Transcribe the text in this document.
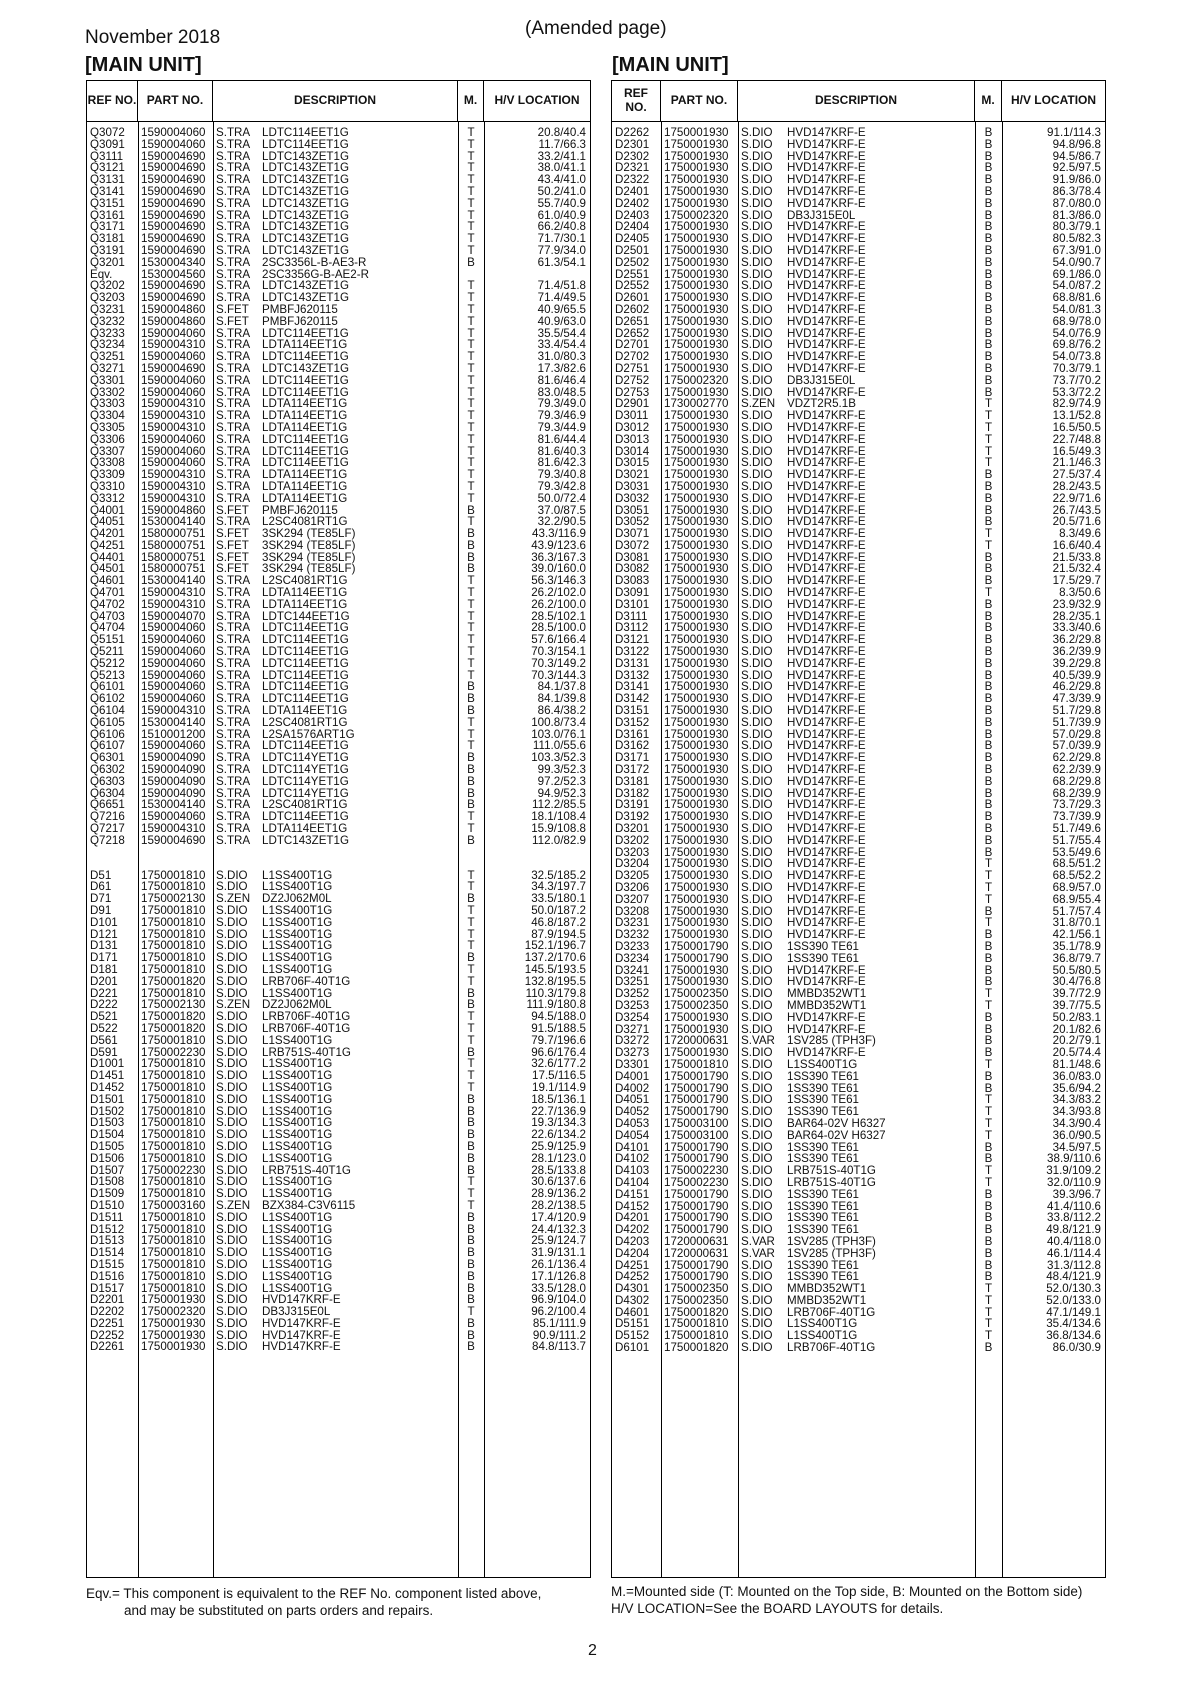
November 2018	(Amended page)
[MAIN UNIT]	[MAIN UNIT]
REF NO. PART NO.	DESCRIPTION	M.	H/V LOCATION
Q3072	1590004060 S.TRA	LDTC114EET1G	T	20.8/40.4
Q3091	1590004060 S.TRA	LDTC114EET1G	T	11.7/66.3
Q3111	1590004690 S.TRA	LDTC143ZET1G	T	33.2/41.1
Q3121	1590004690 S.TRA	LDTC143ZET1G	T	38.0/41.1
Q3131	1590004690 S.TRA	LDTC143ZET1G	T	43.4/41.0
Q3141	1590004690 S.TRA	LDTC143ZET1G	T	50.2/41.0
Q3151	1590004690 S.TRA	LDTC143ZET1G	T	55.7/40.9
Q3161	1590004690 S.TRA	LDTC143ZET1G	T	61.0/40.9
Q3171	1590004690 S.TRA	LDTC143ZET1G	T	66.2/40.8
Q3181	1590004690 S.TRA	LDTC143ZET1G	T	71.7/30.1
Q3191	1590004690 S.TRA	LDTC143ZET1G	T	77.9/34.0
Q3201	1530004340 S.TRA	2SC3356L-B-AE3-R	B	61.3/54.1
Eqv.	1530004560 S.TRA	2SC3356G-B-AE2-R
Q3202	1590004690 S.TRA	LDTC143ZET1G	T	71.4/51.8
Q3203	1590004690 S.TRA	LDTC143ZET1G	T	71.4/49.5
Q3231	1590004860 S.FET	PMBFJ620115	T	40.9/65.5
Q3232	1590004860 S.FET	PMBFJ620115	T	40.9/63.0
Q3233	1590004060 S.TRA	LDTC114EET1G	T	35.5/54.4
Q3234	1590004310 S.TRA	LDTA114EET1G	T	33.4/54.4
Q3251	1590004060 S.TRA	LDTC114EET1G	T	31.0/80.3
Q3271	1590004690 S.TRA	LDTC143ZET1G	T	17.3/82.6
Q3301	1590004060 S.TRA	LDTC114EET1G	T	81.6/46.4
Q3302	1590004060 S.TRA	LDTC114EET1G	T	83.0/48.5
Q3303	1590004310 S.TRA	LDTA114EET1G	T	79.3/49.0
Q3304	1590004310 S.TRA	LDTA114EET1G	T	79.3/46.9
Q3305	1590004310 S.TRA	LDTA114EET1G	T	79.3/44.9
Q3306	1590004060 S.TRA	LDTC114EET1G	T	81.6/44.4
Q3307	1590004060 S.TRA	LDTC114EET1G	T	81.6/40.3
Q3308	1590004060 S.TRA	LDTC114EET1G	T	81.6/42.3
Q3309	1590004310 S.TRA	LDTA114EET1G	T	79.3/40.8
Q3310	1590004310 S.TRA	LDTA114EET1G	T	79.3/42.8
Q3312	1590004310 S.TRA	LDTA114EET1G	T	50.0/72.4
Q4001	1590004860 S.FET	PMBFJ620115	B	37.0/87.5
Q4051	1530004140 S.TRA	L2SC4081RT1G	T	32.2/90.5
Q4201	1580000751 S.FET	3SK294 (TE85LF)	B	43.3/116.9
Q4251	1580000751 S.FET	3SK294 (TE85LF)	B	43.9/123.6
Q4401	1580000751 S.FET	3SK294 (TE85LF)	B	36.3/167.3
Q4501	1580000751 S.FET	3SK294 (TE85LF)	B	39.0/160.0
Q4601	1530004140 S.TRA	L2SC4081RT1G	T	56.3/146.3
Q4701	1590004310 S.TRA	LDTA114EET1G	T	26.2/102.0
Q4702	1590004310 S.TRA	LDTA114EET1G	T	26.2/100.0
Q4703	1590004070 S.TRA	LDTC144EET1G	T	28.5/102.1
Q4704	1590004060 S.TRA	LDTC114EET1G	T	28.5/100.0
Q5151	1590004060 S.TRA	LDTC114EET1G	T	57.6/166.4
Q5211	1590004060 S.TRA	LDTC114EET1G	T	70.3/154.1
Q5212	1590004060 S.TRA	LDTC114EET1G	T	70.3/149.2
Q5213	1590004060 S.TRA	LDTC114EET1G	T	70.3/144.3
Q6101	1590004060 S.TRA	LDTC114EET1G	B	84.1/37.8
Q6102	1590004060 S.TRA	LDTC114EET1G	B	84.1/39.8
Q6104	1590004310 S.TRA	LDTA114EET1G	B	86.4/38.2
Q6105	1530004140 S.TRA	L2SC4081RT1G	T	100.8/73.4
Q6106	1510001200 S.TRA	L2SA1576ART1G	T	103.0/76.1
Q6107	1590004060 S.TRA	LDTC114EET1G	T	111.0/55.6
Q6301	1590004090 S.TRA	LDTC114YET1G	B	103.3/52.3
Q6302	1590004090 S.TRA	LDTC114YET1G	B	99.3/52.3
Q6303	1590004090 S.TRA	LDTC114YET1G	B	97.2/52.3
Q6304	1590004090 S.TRA	LDTC114YET1G	B	94.9/52.3
Q6651	1530004140 S.TRA	L2SC4081RT1G	B	112.2/85.5
Q7216	1590004060 S.TRA	LDTC114EET1G	T	18.1/108.4
Q7217	1590004310 S.TRA	LDTA114EET1G	T	15.9/108.8
Q7218	1590004690 S.TRA	LDTC143ZET1G	B	112.0/82.9
D51	1750001810 S.DIO	L1SS400T1G	T	32.5/185.2
D61	1750001810 S.DIO	L1SS400T1G	T	34.3/197.7
D71	1750002130 S.ZEN	DZ2J062M0L	B	33.5/180.1
D91	1750001810 S.DIO	L1SS400T1G	T	50.0/187.2
D101	1750001810 S.DIO	L1SS400T1G	T	46.8/187.2
D121	1750001810 S.DIO	L1SS400T1G	T	87.9/194.5
D131	1750001810 S.DIO	L1SS400T1G	T	152.1/196.7
D171	1750001810 S.DIO	L1SS400T1G	B	137.2/170.6
D181	1750001810 S.DIO	L1SS400T1G	T	145.5/193.5
D201	1750001820 S.DIO	LRB706F-40T1G	T	132.8/195.5
D221	1750001810 S.DIO	L1SS400T1G	B	110.3/179.8
D222	1750002130 S.ZEN	DZ2J062M0L	B	111.9/180.8
D521	1750001820 S.DIO	LRB706F-40T1G	T	94.5/188.0
D522	1750001820 S.DIO	LRB706F-40T1G	T	91.5/188.5
D561	1750001810 S.DIO	L1SS400T1G	T	79.7/196.6
D591	1750002230 S.DIO	LRB751S-40T1G	B	96.6/176.4
D1001	1750001810 S.DIO	L1SS400T1G	T	32.6/177.2
D1451	1750001810 S.DIO	L1SS400T1G	T	17.5/116.5
D1452	1750001810 S.DIO	L1SS400T1G	T	19.1/114.9
D1501	1750001810 S.DIO	L1SS400T1G	B	18.5/136.1
D1502	1750001810 S.DIO	L1SS400T1G	B	22.7/136.9
D1503	1750001810 S.DIO	L1SS400T1G	B	19.3/134.3
D1504	1750001810 S.DIO	L1SS400T1G	B	22.6/134.2
D1505	1750001810 S.DIO	L1SS400T1G	B	25.9/125.9
D1506	1750001810 S.DIO	L1SS400T1G	B	28.1/123.0
D1507	1750002230 S.DIO	LRB751S-40T1G	B	28.5/133.8
D1508	1750001810 S.DIO	L1SS400T1G	T	30.6/137.6
D1509	1750001810 S.DIO	L1SS400T1G	T	28.9/136.2
D1510	1750003160 S.ZEN	BZX384-C3V6115	T	28.2/138.5
D1511	1750001810 S.DIO	L1SS400T1G	B	17.4/120.9
D1512	1750001810 S.DIO	L1SS400T1G	B	24.4/132.3
D1513	1750001810 S.DIO	L1SS400T1G	B	25.9/124.7
D1514	1750001810 S.DIO	L1SS400T1G	B	31.9/131.1
D1515	1750001810 S.DIO	L1SS400T1G	B	26.1/136.4
D1516	1750001810 S.DIO	L1SS400T1G	B	17.1/126.8
D1517	1750001810 S.DIO	L1SS400T1G	B	33.5/128.0
D2201	1750001930 S.DIO	HVD147KRF-E	B	96.9/104.0
D2202	1750002320 S.DIO	DB3J315E0L	T	96.2/100.4
D2251	1750001930 S.DIO	HVD147KRF-E	B	85.1/111.9
D2252	1750001930 S.DIO	HVD147KRF-E	B	90.9/111.2
D2261	1750001930 S.DIO	HVD147KRF-E	B	84.8/113.7
REF NO.	PART NO.	DESCRIPTION	M.	H/V LOCATION
D2262	1750001930	S.DIO	HVD147KRF-E	B	91.1/114.3
D2301	1750001930	S.DIO	HVD147KRF-E	B	94.8/96.8
D2302	1750001930	S.DIO	HVD147KRF-E	B	94.5/86.7
D2321	1750001930	S.DIO	HVD147KRF-E	B	92.5/97.5
D2322	1750001930	S.DIO	HVD147KRF-E	B	91.9/86.0
D2401	1750001930	S.DIO	HVD147KRF-E	B	86.3/78.4
D2402	1750001930	S.DIO	HVD147KRF-E	B	87.0/80.0
D2403	1750002320	S.DIO	DB3J315E0L	B	81.3/86.0
D2404	1750001930	S.DIO	HVD147KRF-E	B	80.3/79.1
D2405	1750001930	S.DIO	HVD147KRF-E	B	80.5/82.3
D2501	1750001930	S.DIO	HVD147KRF-E	B	67.3/91.0
D2502	1750001930	S.DIO	HVD147KRF-E	B	54.0/90.7
D2551	1750001930	S.DIO	HVD147KRF-E	B	69.1/86.0
D2552	1750001930	S.DIO	HVD147KRF-E	B	54.0/87.2
D2601	1750001930	S.DIO	HVD147KRF-E	B	68.8/81.6
D2602	1750001930	S.DIO	HVD147KRF-E	B	54.0/81.3
D2651	1750001930	S.DIO	HVD147KRF-E	B	68.9/78.0
D2652	1750001930	S.DIO	HVD147KRF-E	B	54.0/76.9
D2701	1750001930	S.DIO	HVD147KRF-E	B	69.8/76.2
D2702	1750001930	S.DIO	HVD147KRF-E	B	54.0/73.8
D2751	1750001930	S.DIO	HVD147KRF-E	B	70.3/79.1
D2752	1750002320	S.DIO	DB3J315E0L	B	73.7/70.2
D2753	1750001930	S.DIO	HVD147KRF-E	B	53.3/72.2
D2901	1730002770	S.ZEN	VDZT2R5.1B	T	82.9/74.9
D3011	1750001930	S.DIO	HVD147KRF-E	T	13.1/52.8
D3012	1750001930	S.DIO	HVD147KRF-E	T	16.5/50.5
D3013	1750001930	S.DIO	HVD147KRF-E	T	22.7/48.8
D3014	1750001930	S.DIO	HVD147KRF-E	T	16.5/49.3
D3015	1750001930	S.DIO	HVD147KRF-E	T	21.1/46.3
D3021	1750001930	S.DIO	HVD147KRF-E	B	27.5/37.4
D3031	1750001930	S.DIO	HVD147KRF-E	B	28.2/43.5
D3032	1750001930	S.DIO	HVD147KRF-E	B	22.9/71.6
D3051	1750001930	S.DIO	HVD147KRF-E	B	26.7/43.5
D3052	1750001930	S.DIO	HVD147KRF-E	B	20.5/71.6
D3071	1750001930	S.DIO	HVD147KRF-E	T	8.3/49.6
D3072	1750001930	S.DIO	HVD147KRF-E	T	16.6/40.4
D3081	1750001930	S.DIO	HVD147KRF-E	B	21.5/33.8
D3082	1750001930	S.DIO	HVD147KRF-E	B	21.5/32.4
D3083	1750001930	S.DIO	HVD147KRF-E	B	17.5/29.7
D3091	1750001930	S.DIO	HVD147KRF-E	T	8.3/50.6
D3101	1750001930	S.DIO	HVD147KRF-E	B	23.9/32.9
D3111	1750001930	S.DIO	HVD147KRF-E	B	28.2/35.1
D3112	1750001930	S.DIO	HVD147KRF-E	B	33.3/40.6
D3121	1750001930	S.DIO	HVD147KRF-E	B	36.2/29.8
D3122	1750001930	S.DIO	HVD147KRF-E	B	36.2/39.9
D3131	1750001930	S.DIO	HVD147KRF-E	B	39.2/29.8
D3132	1750001930	S.DIO	HVD147KRF-E	B	40.5/39.9
D3141	1750001930	S.DIO	HVD147KRF-E	B	46.2/29.8
D3142	1750001930	S.DIO	HVD147KRF-E	B	47.3/39.9
D3151	1750001930	S.DIO	HVD147KRF-E	B	51.7/29.8
D3152	1750001930	S.DIO	HVD147KRF-E	B	51.7/39.9
D3161	1750001930	S.DIO	HVD147KRF-E	B	57.0/29.8
D3162	1750001930	S.DIO	HVD147KRF-E	B	57.0/39.9
D3171	1750001930	S.DIO	HVD147KRF-E	B	62.2/29.8
D3172	1750001930	S.DIO	HVD147KRF-E	B	62.2/39.9
D3181	1750001930	S.DIO	HVD147KRF-E	B	68.2/29.8
D3182	1750001930	S.DIO	HVD147KRF-E	B	68.2/39.9
D3191	1750001930	S.DIO	HVD147KRF-E	B	73.7/29.3
D3192	1750001930	S.DIO	HVD147KRF-E	B	73.7/39.9
D3201	1750001930	S.DIO	HVD147KRF-E	B	51.7/49.6
D3202	1750001930	S.DIO	HVD147KRF-E	B	51.7/55.4
D3203	1750001930	S.DIO	HVD147KRF-E	B	53.5/49.6
D3204	1750001930	S.DIO	HVD147KRF-E	T	68.5/51.2
D3205	1750001930	S.DIO	HVD147KRF-E	T	68.5/52.2
D3206	1750001930	S.DIO	HVD147KRF-E	T	68.9/57.0
D3207	1750001930	S.DIO	HVD147KRF-E	T	68.9/55.4
D3208	1750001930	S.DIO	HVD147KRF-E	B	51.7/57.4
D3231	1750001930	S.DIO	HVD147KRF-E	T	31.8/70.1
D3232	1750001930	S.DIO	HVD147KRF-E	B	42.1/56.1
D3233	1750001790	S.DIO	1SS390 TE61	B	35.1/78.9
D3234	1750001790	S.DIO	1SS390 TE61	B	36.8/79.7
D3241	1750001930	S.DIO	HVD147KRF-E	B	50.5/80.5
D3251	1750001930	S.DIO	HVD147KRF-E	B	30.4/76.8
D3252	1750002350	S.DIO	MMBD352WT1	T	39.7/72.9
D3253	1750002350	S.DIO	MMBD352WT1	T	39.7/75.5
D3254	1750001930	S.DIO	HVD147KRF-E	B	50.2/83.1
D3271	1750001930	S.DIO	HVD147KRF-E	B	20.1/82.6
D3272	1720000631	S.VAR	1SV285 (TPH3F)	B	20.2/79.1
D3273	1750001930	S.DIO	HVD147KRF-E	B	20.5/74.4
D3301	1750001810	S.DIO	L1SS400T1G	T	81.1/48.6
D4001	1750001790	S.DIO	1SS390 TE61	B	36.0/83.0
D4002	1750001790	S.DIO	1SS390 TE61	B	35.6/94.2
D4051	1750001790	S.DIO	1SS390 TE61	T	34.3/83.2
D4052	1750001790	S.DIO	1SS390 TE61	T	34.3/93.8
D4053	1750003100	S.DIO	BAR64-02V H6327	T	34.3/90.4
D4054	1750003100	S.DIO	BAR64-02V H6327	T	36.0/90.5
D4101	1750001790	S.DIO	1SS390 TE61	B	34.5/97.5
D4102	1750001790	S.DIO	1SS390 TE61	B	38.9/110.6
D4103	1750002230	S.DIO	LRB751S-40T1G	T	31.9/109.2
D4104	1750002230	S.DIO	LRB751S-40T1G	T	32.0/110.9
D4151	1750001790	S.DIO	1SS390 TE61	B	39.3/96.7
D4152	1750001790	S.DIO	1SS390 TE61	B	41.4/110.6
D4201	1750001790	S.DIO	1SS390 TE61	B	33.8/112.2
D4202	1750001790	S.DIO	1SS390 TE61	B	49.8/121.9
D4203	1720000631	S.VAR	1SV285 (TPH3F)	B	40.4/118.0
D4204	1720000631	S.VAR	1SV285 (TPH3F)	B	46.1/114.4
D4251	1750001790	S.DIO	1SS390 TE61	B	31.3/112.8
D4252	1750001790	S.DIO	1SS390 TE61	B	48.4/121.9
D4301	1750002350	S.DIO	MMBD352WT1	T	52.0/130.3
D4302	1750002350	S.DIO	MMBD352WT1	T	52.0/133.0
D4601	1750001820	S.DIO	LRB706F-40T1G	T	47.1/149.1
D5151	1750001810	S.DIO	L1SS400T1G	T	35.4/134.6
D5152	1750001810	S.DIO	L1SS400T1G	T	36.8/134.6
D6101	1750001820	S.DIO	LRB706F-40T1G	B	86.0/30.9
Eqv.= This component is equivalent to the REF No. component listed above,
and may be substituted on parts orders and repairs.
M.=Mounted side (T: Mounted on the Top side, B: Mounted on the Bottom side)
H/V LOCATION=See the BOARD LAYOUTS for details.
2
